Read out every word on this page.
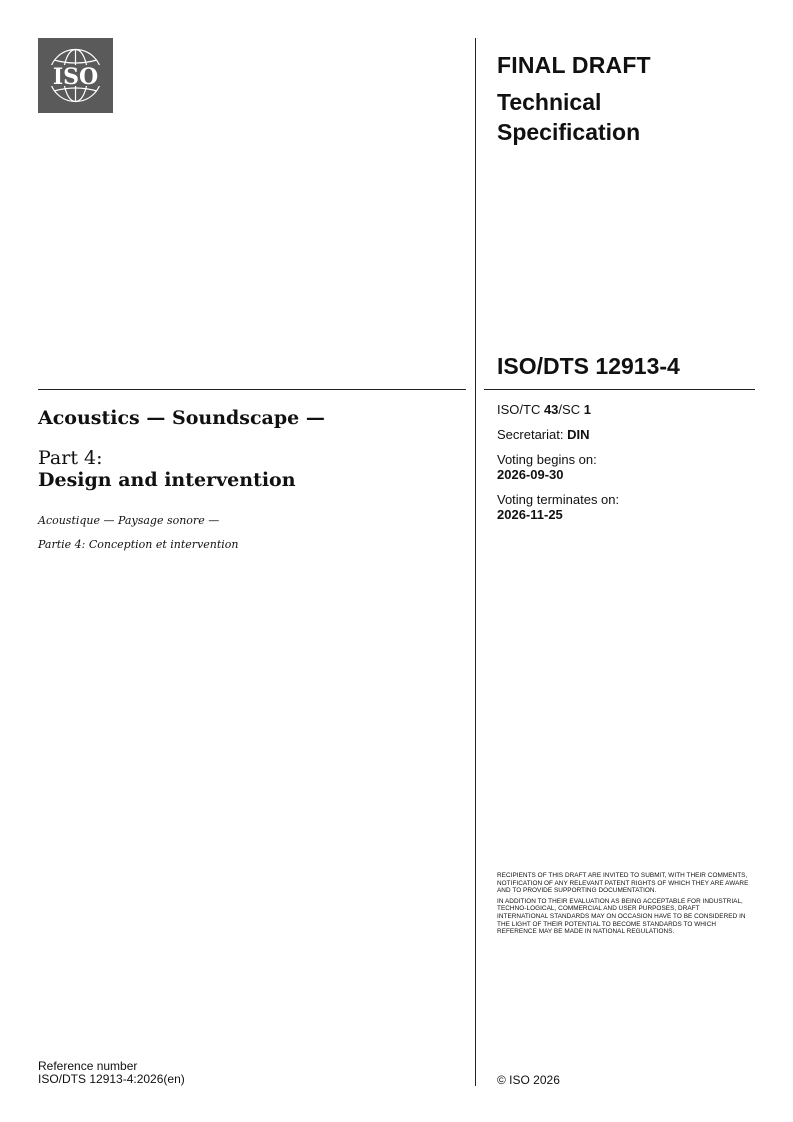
ISO	FINAL DRAFT
Technical Specification
ISO/DTS 12913-4
ISO/TC 43/SC 1
Secretariat: DIN
Voting begins on:
2026-09-30
Voting terminates on:
2026-11-25
Acoustics — Soundscape —
Part 4:
Design and intervention
Acoustique — Paysage sonore —
Partie 4: Conception et intervention

RECIPIENTS OF THIS DRAFT ARE INVITED TO SUBMIT, WITH THEIR COMMENTS, NOTIFICATION OF ANY RELEVANT PATENT RIGHTS OF WHICH THEY ARE AWARE AND TO PROVIDE SUPPORTING DOCUMENTATION.

IN ADDITION TO THEIR EVALUATION AS BEING ACCEPTABLE FOR INDUSTRIAL, TECHNO-LOGICAL, COMMERCIAL AND USER PURPOSES, DRAFT INTERNATIONAL STANDARDS MAY ON OCCASION HAVE TO BE CONSIDERED IN THE LIGHT OF THEIR POTENTIAL TO BECOME STANDARDS TO WHICH REFERENCE MAY BE MADE IN NATIONAL REGULATIONS.

Reference number
ISO/DTS 12913-4:2026(en)	© ISO 2026
